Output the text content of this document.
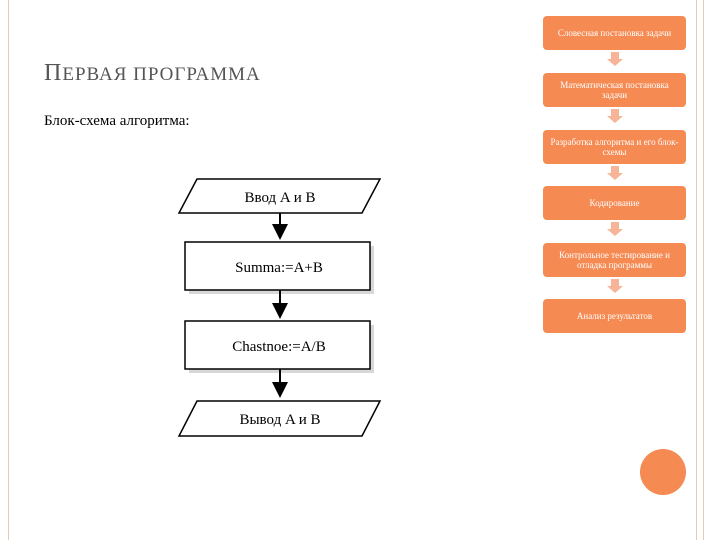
ПЕРВАЯ ПРОГРАММА
Блок-схема алгоритма:
Ввод A и B
Summa:=A+B
Chastnoe:=A/B
Вывод A и B
Словесная постановка задачи
Математическая постановка задачи
Разработка алгоритма и его блок-схемы
Кодирование
Контрольное тестирование и отладка программы
Анализ результатов
